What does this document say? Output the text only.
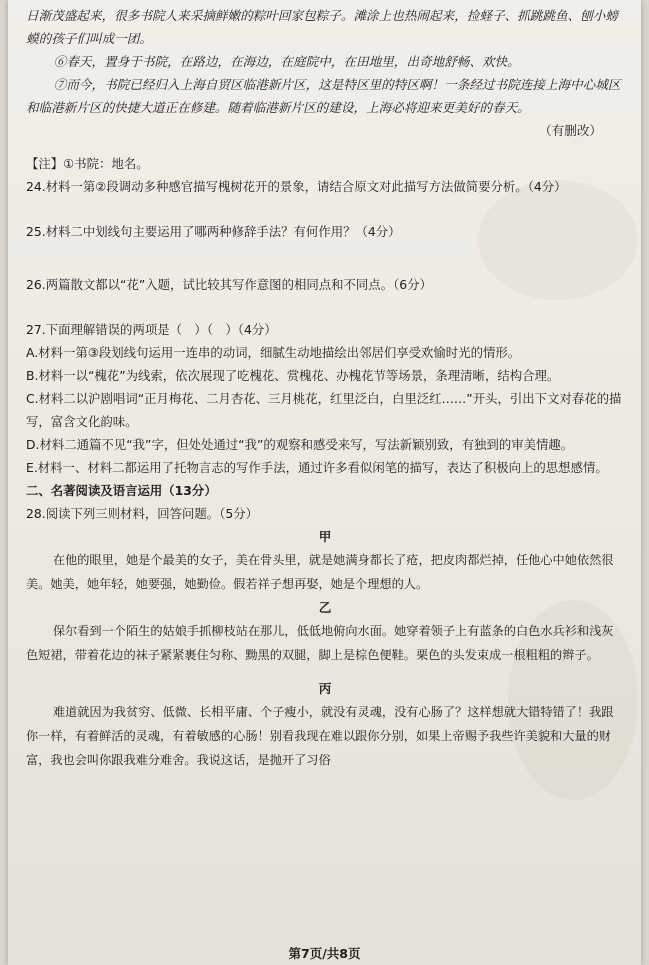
日渐茂盛起来，很多书院人来采摘鲜嫩的粽叶回家包粽子。滩涂上也热闹起来，捡蛏子、抓跳跳鱼、刨小螃蟆的孩子们叫成一团。

⑥春天，置身于书院，在路边，在海边，在庭院中，在田地里，出奇地舒畅、欢快。

⑦而今，书院已经归入上海自贸区临港新片区，这是特区里的特区啊！一条经过书院连接上海中心城区和临港新片区的快捷大道正在修建。随着临港新片区的建设，上海必将迎来更美好的春天。

（有删改）

【注】①书院：地名。

24.材料一第②段调动多种感官描写槐树花开的景象，请结合原文对此描写方法做简要分析。（4分）

25.材料二中划线句主要运用了哪两种修辞手法？有何作用？（4分）

26.两篇散文都以“花”入题，试比较其写作意图的相同点和不同点。（6分）

27.下面理解错误的两项是（　）（　）（4分）

A.材料一第③段划线句运用一连串的动词，细腻生动地描绘出邻居们享受欢愉时光的情形。

B.材料一以“槐花”为线索，依次展现了吃槐花、赏槐花、办槐花节等场景，条理清晰，结构合理。

C.材料二以沪剧唱词“正月梅花、二月杏花、三月桃花，红里泛白，白里泛红……”开头，引出下文对春花的描写，富含文化韵味。

D.材料二通篇不见“我”字，但处处通过“我”的观察和感受来写，写法新颖别致，有独到的审美情趣。

E.材料一、材料二都运用了托物言志的写作手法，通过许多看似闲笔的描写，表达了积极向上的思想感情。

二、名著阅读及语言运用（13分）

28.阅读下列三则材料，回答问题。（5分）

甲

在他的眼里，她是个最美的女子，美在骨头里，就是她满身都长了疮，把皮肉都烂掉，任他心中她依然很美。她美，她年轻，她要强，她勤俭。假若祥子想再娶，她是个理想的人。

乙

保尔看到一个陌生的姑娘手抓柳枝站在那儿，低低地俯向水面。她穿着领子上有蓝条的白色水兵衫和浅灰色短裙，带着花边的袜子紧紧裹住匀称、黝黑的双腿，脚上是棕色便鞋。栗色的头发束成一根粗粗的辫子。

丙

难道就因为我贫穷、低微、长相平庸、个子瘦小，就没有灵魂，没有心肠了？这样想就大错特错了！我跟你一样，有着鲜活的灵魂，有着敏感的心肠！别看我现在难以跟你分别，如果上帝赐予我些许美貌和大量的财富，我也会叫你跟我难分难舍。我说这话，是抛开了习俗

第7页/共8页
